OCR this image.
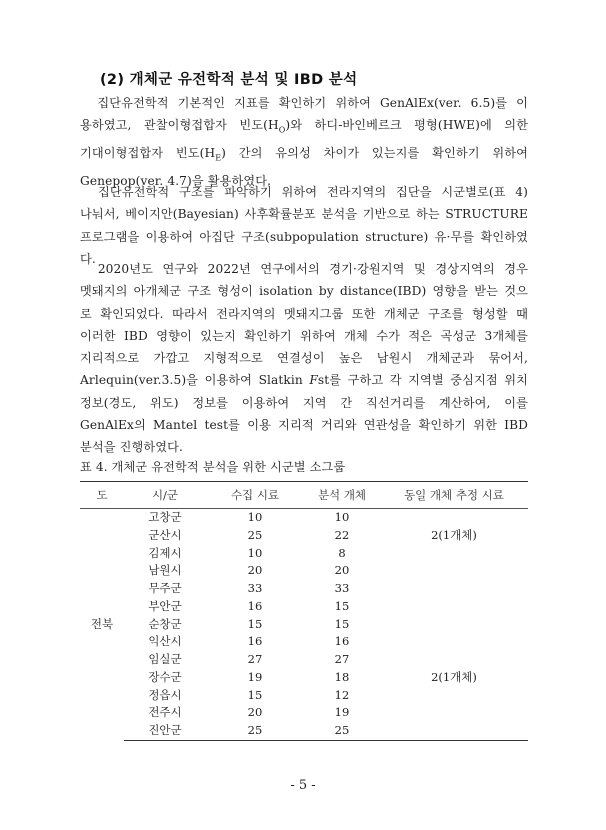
(2) 개체군 유전학적 분석 및 IBD 분석
　집단유전학적 기본적인 지표를 확인하기 위하여 GenAlEx(ver. 6.5)를 이
용하였고, 관찰이형접합자 빈도$(H_O)$와 하디-바인베르크 평형(HWE)에 의한
기대이형접합자 빈도$(H_E)$ 간의 유의성 차이가 있는지를 확인하기 위하여
Genepop(ver. 4.7)을 활용하였다.
　집단유전학적 구조를 파악하기 위하여 전라지역의 집단을 시군별로(표 4)
나눠서, 베이지안(Bayesian) 사후확률분포 분석을 기반으로 하는 STRUCTURE
프로그램을 이용하여 아집단 구조(subpopulation structure) 유·무를 확인하였
다.
　2020년도 연구와 2022년 연구에서의 경기·강원지역 및 경상지역의 경우
멧돼지의 아개체군 구조 형성이 isolation by distance(IBD) 영향을 받는 것으
로 확인되었다. 따라서 전라지역의 멧돼지그룹 또한 개체군 구조를 형성할 때
이러한 IBD 영향이 있는지 확인하기 위하여 개체 수가 적은 곡성군 3개체를
지리적으로 가깝고 지형적으로 연결성이 높은 남원시 개체군과 묶어서,
Arlequin(ver.3.5)을 이용하여 Slatkin Fst를 구하고 각 지역별 중심지점 위치
정보(경도, 위도) 정보를 이용하여 지역 간 직선거리를 계산하여, 이를
GenAlEx의 Mantel test를 이용 지리적 거리와 연관성을 확인하기 위한 IBD
분석을 진행하였다.
표 4. 개체군 유전학적 분석을 위한 시군별 소그룹
도	시/군	수집 시료	분석 개체	동일 개체 추정 시료
전북	고창군	10	10	
	군산시	25	22	2(1개체)
	김제시	10	8	
	남원시	20	20	
	무주군	33	33	
	부안군	16	15	
	순창군	15	15	
	익산시	16	16	
	임실군	27	27	
	장수군	19	18	2(1개체)
	정읍시	15	12	
	전주시	20	19	
	진안군	25	25	
- 5 -
